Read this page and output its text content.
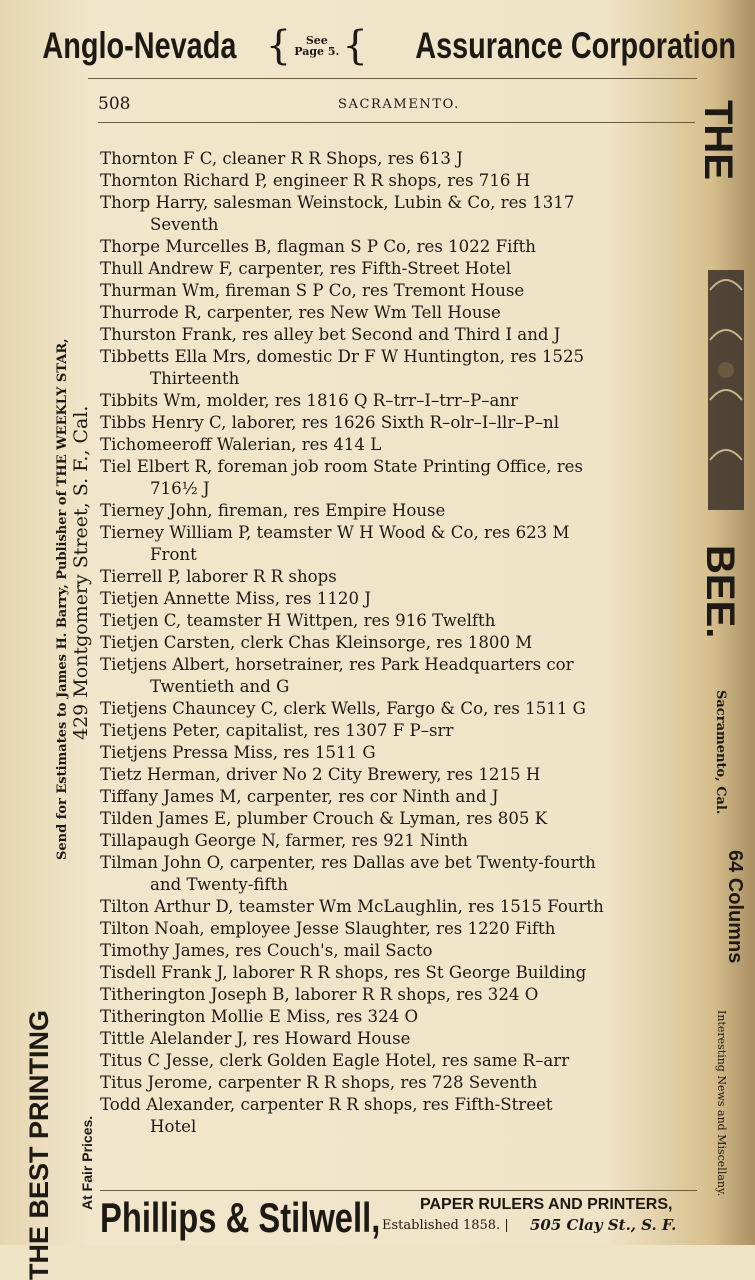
Anglo-Nevada { See
Page 5. { Assurance Corporation
508	SACRAMENTO.
THE BEST PRINTING
Send for Estimates to James H. Barry, Publisher of THE WEEKLY STAR, 429 Montgomery Street, S. F., Cal.
At Fair Prices.
THE
BEE.
Sacramento, Cal.
64 Columns
Interesting News and Miscellany.
Thornton F C, cleaner R R Shops, res 613 J
Thornton Richard P, engineer R R shops, res 716 H
Thorp Harry, salesman Weinstock, Lubin & Co, res 1317
Seventh
Thorpe Murcelles B, flagman S P Co, res 1022 Fifth
Thull Andrew F, carpenter, res Fifth-Street Hotel
Thurman Wm, fireman S P Co, res Tremont House
Thurrode R, carpenter, res New Wm Tell House
Thurston Frank, res alley bet Second and Third I and J
Tibbetts Ella Mrs, domestic Dr F W Huntington, res 1525
Thirteenth
Tibbits Wm, molder, res 1816 Q R–trr–I–trr–P–anr
Tibbs Henry C, laborer, res 1626 Sixth R–olr–I–llr–P–nl
Tichomeeroff Walerian, res 414 L
Tiel Elbert R, foreman job room State Printing Office, res
716½ J
Tierney John, fireman, res Empire House
Tierney William P, teamster W H Wood & Co, res 623 M
Front
Tierrell P, laborer R R shops
Tietjen Annette Miss, res 1120 J
Tietjen C, teamster H Wittpen, res 916 Twelfth
Tietjen Carsten, clerk Chas Kleinsorge, res 1800 M
Tietjens Albert, horsetrainer, res Park Headquarters cor
Twentieth and G
Tietjens Chauncey C, clerk Wells, Fargo & Co, res 1511 G
Tietjens Peter, capitalist, res 1307 F P–srr
Tietjens Pressa Miss, res 1511 G
Tietz Herman, driver No 2 City Brewery, res 1215 H
Tiffany James M, carpenter, res cor Ninth and J
Tilden James E, plumber Crouch & Lyman, res 805 K
Tillapaugh George N, farmer, res 921 Ninth
Tilman John O, carpenter, res Dallas ave bet Twenty-fourth
and Twenty-fifth
Tilton Arthur D, teamster Wm McLaughlin, res 1515 Fourth
Tilton Noah, employee Jesse Slaughter, res 1220 Fifth
Timothy James, res Couch's, mail Sacto
Tisdell Frank J, laborer R R shops, res St George Building
Titherington Joseph B, laborer R R shops, res 324 O
Titherington Mollie E Miss, res 324 O
Tittle Alelander J, res Howard House
Titus C Jesse, clerk Golden Eagle Hotel, res same R–arr
Titus Jerome, carpenter R R shops, res 728 Seventh
Todd Alexander, carpenter R R shops, res Fifth-Street
Hotel
Phillips & Stilwell, PAPER RULERS AND PRINTERS,
Established 1858. | 505 Clay St., S. F.
